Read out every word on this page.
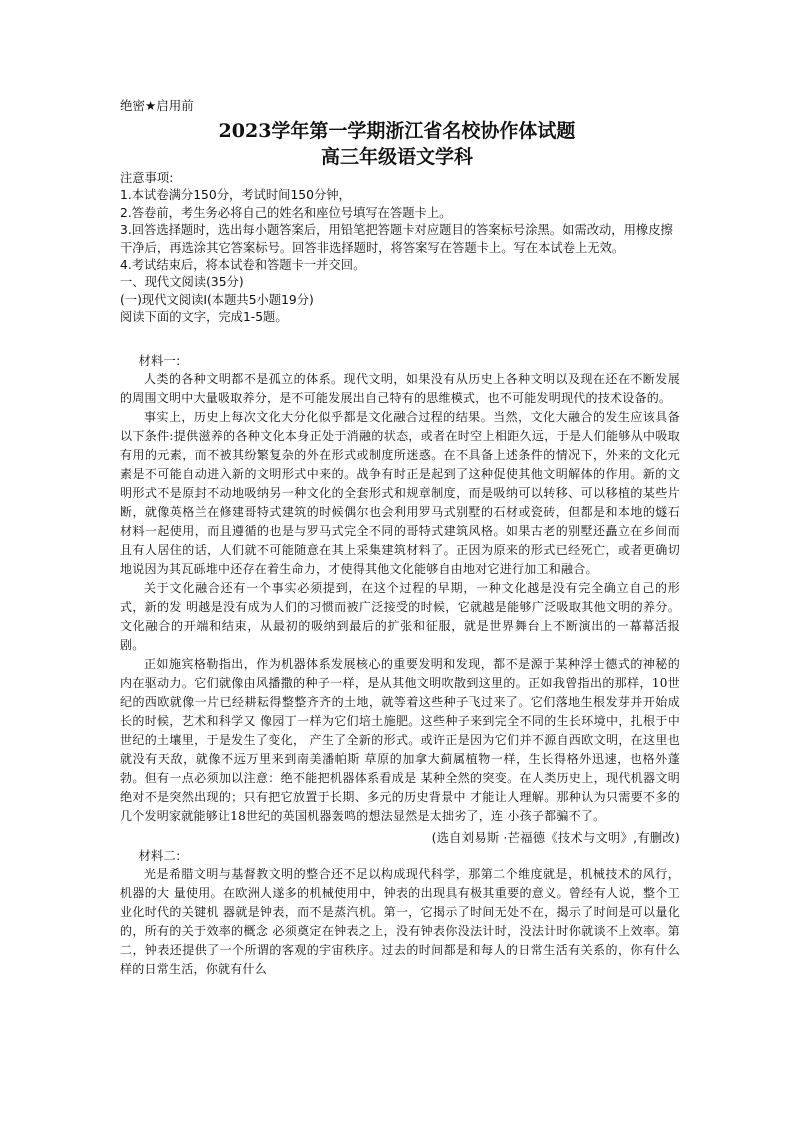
绝密★启用前
2023学年第一学期浙江省名校协作体试题
高三年级语文学科
注意事项:
1.本试卷满分150分，考试时间150分钟，
2.答卷前，考生务必将自己的姓名和座位号填写在答题卡上。
3.回答选择题时，选出每小题答案后，用铅笔把答题卡对应题目的答案标号涂黑。如需改动，用橡皮擦干净后，再选涂其它答案标号。回答非选择题时，将答案写在答题卡上。写在本试卷上无效。
4.考试结束后，将本试卷和答题卡一并交回。
一、现代文阅读(35分)
(一)现代文阅读I(本题共5小题19分)
阅读下面的文字，完成1-5题。
材料一:

人类的各种文明都不是孤立的体系。现代文明，如果没有从历史上各种文明以及现在还在不断发展的周围文明中大量吸取养分，是不可能发展出自己特有的思维模式，也不可能发明现代的技术设备的。

事实上，历史上每次文化大分化似乎都是文化融合过程的结果。当然，文化大融合的发生应该具备以下条件:提供滋养的各种文化本身正处于消融的状态，或者在时空上相距久远，于是人们能够从中吸取有用的元素，而不被其纷繁复杂的外在形式或制度所迷惑。在不具备上述条件的情况下，外来的文化元素是不可能自动进入新的文明形式中来的。战争有时正是起到了这种促使其他文明解体的作用。新的文明形式不是原封不动地吸纳另一种文化的全套形式和规章制度，而是吸纳可以转移、可以移植的某些片断，就像英格兰在修建哥特式建筑的时候偶尔也会利用罗马式别墅的石材或瓷砖，但都是和本地的燧石材料一起使用，而且遵循的也是与罗马式完全不同的哥特式建筑风格。如果古老的别墅还矗立在乡间而且有人居住的话，人们就不可能随意在其上采集建筑材料了。正因为原来的形式已经死亡，或者更确切地说因为其瓦砾堆中还存在着生命力，才使得其他文化能够自由地对它进行加工和融合。

关于文化融合还有一个事实必须提到，在这个过程的早期，一种文化越是没有完全确立自己的形式，新的发 明越是没有成为人们的习惯而被广泛接受的时候，它就越是能够广泛吸取其他文明的养分。文化融合的开端和结束，从最初的吸纳到最后的扩张和征服，就是世界舞台上不断演出的一幕幕活报剧。

正如施宾格勒指出，作为机器体系发展核心的重要发明和发现，都不是源于某种浮士德式的神秘的内在驱动力。它们就像由风播撒的种子一样，是从其他文明吹散到这里的。正如我曾指出的那样，10世纪的西欧就像一片已经耕耘得整整齐齐的土地，就等着这些种子飞过来了。它们落地生根发芽并开始成长的时候，艺术和科学又 像园丁一样为它们培土施肥。这些种子来到完全不同的生长环境中，扎根于中世纪的土壤里，于是发生了变化， 产生了全新的形式。或许正是因为它们并不源自西欧文明，在这里也就没有天敌，就像不远万里来到南美潘帕斯 草原的加拿大蓟属植物一样，生长得格外迅速，也格外蓬勃。但有一点必须加以注意：绝不能把机器体系看成是 某种全然的突变。在人类历史上，现代机器文明绝对不是突然出现的；只有把它放置于长期、多元的历史背景中 才能让人理解。那种认为只需要不多的几个发明家就能够让18世纪的英国机器轰鸣的想法显然是太拙劣了，连 小孩子都骗不了。

(选自刘易斯 ·芒福德《技术与文明》,有删改)
材料二:

光是希腊文明与基督教文明的整合还不足以构成现代科学，那第二个维度就是，机械技术的风行，机器的大 量使用。在欧洲人遂多的机械使用中，钟表的出现具有极其重要的意义。曾经有人说，整个工业化时代的关键机 器就是钟表，而不是蒸汽机。第一，它揭示了时间无处不在，揭示了时间是可以量化的，所有的关于效率的概念 必须奠定在钟表之上，没有钟表你没法计时，没法计时你就谈不上效率。第二，钟表还提供了一个所谓的客观的宇宙秩序。过去的时间都是和每人的日常生活有关系的，你有什么样的日常生活，你就有什么
